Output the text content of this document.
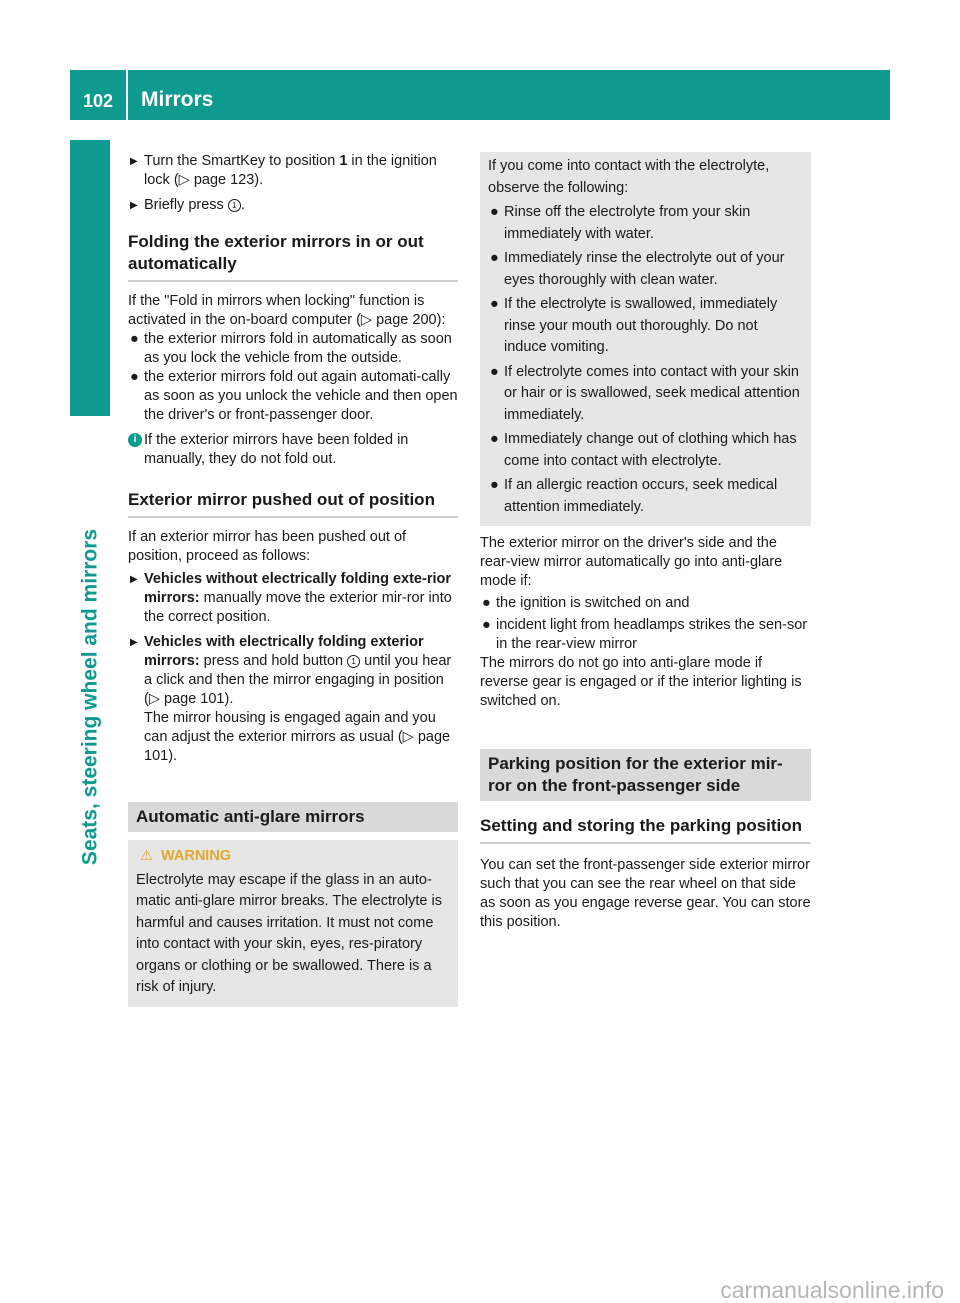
102	Mirrors
Seats, steering wheel and mirrors
▶ Turn the SmartKey to position 1 in the ignition lock (▷ page 123).
▶ Briefly press 1 .
Folding the exterior mirrors in or out automatically

If the "Fold in mirrors when locking" function is activated in the on-board computer (▷ page 200):

● the exterior mirrors fold in automatically as soon as you lock the vehicle from the outside.
● the exterior mirrors fold out again automati-cally as soon as you unlock the vehicle and then open the driver's or front-passenger door.
i If the exterior mirrors have been folded in manually, they do not fold out.
Exterior mirror pushed out of position

If an exterior mirror has been pushed out of position, proceed as follows:

▶ Vehicles without electrically folding exte-rior mirrors: manually move the exterior mir-ror into the correct position.
▶ Vehicles with electrically folding exterior mirrors: press and hold button 1 until you hear a click and then the mirror engaging in position (▷ page 101).
The mirror housing is engaged again and you can adjust the exterior mirrors as usual (▷ page 101).
Automatic anti-glare mirrors
⚠ WARNING
Electrolyte may escape if the glass in an auto-matic anti-glare mirror breaks. The electrolyte is harmful and causes irritation. It must not come into contact with your skin, eyes, res-piratory organs or clothing or be swallowed. There is a risk of injury.
If you come into contact with the electrolyte, observe the following:
● Rinse off the electrolyte from your skin immediately with water.
● Immediately rinse the electrolyte out of your eyes thoroughly with clean water.
● If the electrolyte is swallowed, immediately rinse your mouth out thoroughly. Do not induce vomiting.
● If electrolyte comes into contact with your skin or hair or is swallowed, seek medical attention immediately.
● Immediately change out of clothing which has come into contact with electrolyte.
● If an allergic reaction occurs, seek medical attention immediately.

The exterior mirror on the driver's side and the rear-view mirror automatically go into anti-glare mode if:

● the ignition is switched on and
● incident light from headlamps strikes the sen-sor in the rear-view mirror

The mirrors do not go into anti-glare mode if reverse gear is engaged or if the interior lighting is switched on.

Parking position for the exterior mir-ror on the front-passenger side
Setting and storing the parking position

You can set the front-passenger side exterior mirror such that you can see the rear wheel on that side as soon as you engage reverse gear. You can store this position.

carmanualsonline.info
